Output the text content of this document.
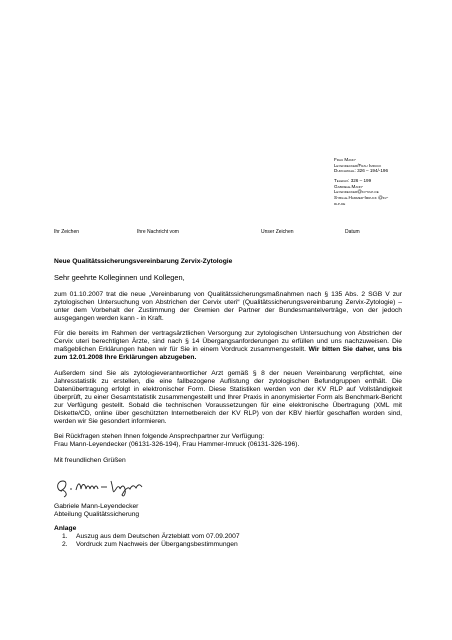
Frau Mann-
Leyendecker/Frau Imruck
Durchwahl: 326 – 194/-196
Telefax: 326 – 199
Gabriele.Mann-
Leyendecker@kv-rlp.de
Sybille.Hammer-Imruck @kv-
rlp.de
Ihr Zeichen	Ihre Nachricht vom	Unser Zeichen	Datum

Neue Qualitätssicherungsvereinbarung Zervix-Zytologie

Sehr geehrte Kolleginnen und Kollegen,

zum 01.10.2007 trat die neue „Vereinbarung von Qualitätssicherungsmaßnahmen nach § 135 Abs. 2 SGB V zur zytologischen Untersuchung von Abstrichen der Cervix uteri“ (Qualitätssicherungsvereinbarung Zervix-Zytologie) – unter dem Vorbehalt der Zustimmung der Gremien der Partner der Bundesmantelverträge, von der jedoch ausgegangen werden kann - in Kraft.

Für die bereits im Rahmen der vertragsärztlichen Versorgung zur zytologischen Untersuchung von Abstrichen der Cervix uteri berechtigten Ärzte, sind nach § 14 Übergangsanforderungen zu erfüllen und uns nachzuweisen. Die maßgeblichen Erklärungen haben wir für Sie in einem Vordruck zusammengestellt. Wir bitten Sie daher, uns bis zum 12.01.2008 Ihre Erklärungen abzugeben.

Außerdem sind Sie als zytologieverantwortlicher Arzt gemäß § 8 der neuen Vereinbarung verpflichtet, eine Jahresstatistik zu erstellen, die eine fallbezogene Auflistung der zytologischen Befundgruppen enthält. Die Datenübertragung erfolgt in elektronischer Form. Diese Statistiken werden von der KV RLP auf Vollständigkeit überprüft, zu einer Gesamtstatistik zusammengestellt und Ihrer Praxis in anonymisierter Form als Benchmark-Bericht zur Verfügung gestellt. Sobald die technischen Voraussetzungen für eine elektronische Übertragung (XML mit Diskette/CD, online über geschützten Internetbereich der KV RLP) von der KBV hierfür geschaffen worden sind, werden wir Sie gesondert informieren.

Bei Rückfragen stehen Ihnen folgende Ansprechpartner zur Verfügung:
Frau Mann-Leyendecker (06131-326-194), Frau Hammer-Imruck (06131-326-196).

Mit freundlichen Grüßen

Gabriele Mann-Leyendecker
Abteilung Qualitätssicherung

Anlage

1.	Auszug aus dem Deutschen Ärzteblatt vom 07.09.2007
2.	Vordruck zum Nachweis der Übergangsbestimmungen
